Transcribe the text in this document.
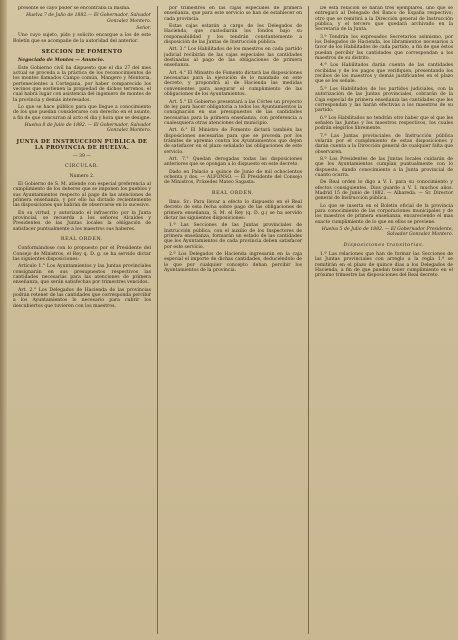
presente se cayo poder se encontraba la misma.

Huelva 7 de Julio de 1882.— El Gobernador, Salvador Gonzalez Montero.

Señor.

Uno cuyo sujeto, pido y solicito encargue a los de este Boletín que se acompañe de la autoridad del anterior.

SECCION DE FOMENTO

Negociado de Montes — Anuncio.

Este Gobierno civil ha dispuesto que el dia 27 del mes actual se proceda a la práctica de los reconocimientos de los montes llamados Campo común, Mangero y Montoria, pertenecientes a Cortegana, por haber comparecido los vecinos que sostienen la propiedad de dichos terrenos, el cual habrá lugar con asistencia del ingeniero de montes de la provincia y demás interesados.

Lo que se hace público para que llegue a conocimiento de los que puedan considerarse con derecho en el asunto, a fin de que concurran al acto el dia y hora que se designe.

Huelva 8 de Julio de 1882. — El Gobernador, Salvador Gonzalez Montero.

JUNTA DE INSTRUCCION PUBLICA DE LA PROVINCIA DE HUELVA.
— 39 —
CIRCULAR.
Numero 2.

El Gobierno de S. M. atiende con especial preferencia al cumplimiento de los deberes que se imponen los pueblos y sus Ayuntamientos respecto al pago de las atenciones de primera enseñanza, y por ello ha dictado recientemente las disposiciones que habrán de observarse en lo sucesivo.

En su virtud, y autorizado el infrascrito por la Junta provincial, se recuerda a los señores Alcaldes y Presidentes de las Juntas locales la obligación de satisfacer puntualmente a los maestros sus haberes.

REAL ORDEN.

Conformándose con lo propuesto por el Presidente del Consejo de Ministros, el Rey q. D. g. se ha servido dictar las siguientes disposiciones:

Artículo 1.° Los Ayuntamientos y las Juntas provinciales consignarán en sus presupuestos respectivos las cantidades necesarias para las atenciones de primera enseñanza, que serán satisfechas por trimestres vencidos.

Art. 2.° Los Delegados de Hacienda de las provincias podrán retener de las cantidades que corresponda percibir a los Ayuntamientos lo necesario para cubrir los descubiertos que tuvieren con los maestros.

por trimestres en las cajas especiales de primera enseñanza, que para este servicio se han de establecer en cada provincia.

Estas cajas estarán a cargo de los Delegados de Hacienda, que custodiarán los fondos bajo su responsabilidad y los tendrán constantemente a disposición de las Juntas de Instrucción pública.

Art. 3.° Los Habilitados de los maestros en cada partido judicial recibirán de las cajas especiales las cantidades destinadas al pago de las obligaciones de primera enseñanza.

Art. 4.° El Ministro de Fomento dictará las disposiciones necesarias para la ejecución de lo mandado en este decreto, y propondrá al de Hacienda las medidas convenientes para asegurar el cumplimiento de las obligaciones de los Ayuntamientos.

Art. 5.° El Gobierno presentará a las Córtes un proyecto de ley para hacer obligatoria a todos los Ayuntamientos la consignación en sus presupuestos de las cantidades necesarias para la primera enseñanza, con preferencia a cualesquiera otras atenciones del municipio.

Art. 6.° El Ministro de Fomento dictará también las disposiciones necesarias para que se proceda por los trámites de apremio contra los Ayuntamientos que dejen de satisfacer en el plazo señalado las obligaciones de este servicio.

Art. 7.° Quedan derogadas todas las disposiciones anteriores que se opongan a lo dispuesto en este decreto.

Dado en Palacio a quince de Junio de mil ochocientos ochenta y dos. — ALFONSO. — El Presidente del Consejo de Ministros, Práxedes Mateo Sagasta.

REAL ORDEN.

Ilmo. Sr.: Para llevar a efecto lo dispuesto en el Real decreto de esta fecha sobre pago de las obligaciones de primera enseñanza, S. M. el Rey (q. D. g.) se ha servido dictar las siguientes disposiciones:

1.ª Las Secciones de las Juntas provinciales de Instrucción pública, con el auxilio de los Inspectores de primera enseñanza, formarán un estado de las cantidades que los Ayuntamientos de cada provincia deben satisfacer por este servicio.

2.ª Los Delegados de Hacienda ingresarán en la caja especial el importe de dichas cantidades, deduciéndolo de lo que por cualquier concepto deban percibir los Ayuntamientos de la provincia.

De esta relación se harán tres ejemplares, uno que se entregará al Delegado del Banco de España respectivo; otro que se remitirá a la Dirección general de Instrucción pública, y el tercero que quedará archivado en la Secretaría de la Junta.

3.ª Tendrán los expresados Secretarios asimismo, por los Delegados de Hacienda, los libramientos necesarios a favor de los Habilitados de cada partido, a fin de que éstos puedan percibir las cantidades que correspondan a los maestros de su distrito.

4.ª Los Habilitados darán cuenta de las cantidades recibidas y de los pagos que verifiquen, presentando los recibos de los maestros y demás justificantes en el plazo que se les señale.

5.ª Los Habilitados de los partidos judiciales, con la autorización de las Juntas provinciales, cobrarán de la Caja especial de primera enseñanza las cantidades que les correspondan y las harán efectivas a los maestros de su partido.

6.ª Los Habilitados no tendrán otro haber que el que les señalen las Juntas y los maestros respectivos, los cuales podrán elegirlos libremente.

7.ª Las Juntas provinciales de Instrucción pública velarán por el cumplimiento de estas disposiciones y darán cuenta a la Dirección general de cualquier falta que observaren.

8.ª Los Presidentes de las Juntas locales cuidarán de que los Ayuntamientos cumplan puntualmente con lo dispuesto, dando conocimiento a la Junta provincial de cuanto ocurra.

De Real orden lo digo a V. I. para su conocimiento y efectos consiguientes. Dios guarde a V. I. muchos años. Madrid 15 de Junio de 1882. — Albareda. — Sr. Director general de Instrucción pública.

Lo que se inserta en el Boletín oficial de la provincia para conocimiento de las corporaciones municipales y de los maestros de primera enseñanza, encareciendo el mas exacto cumplimiento de lo que en ellos se previene.

Huelva 5 de Julio de 1882. — El Gobernador Presidente, Salvador Gonzalez Montero.

Disposiciones transitorias.

1.ª Las relaciones que han de formar las Secciones de las Juntas provinciales con arreglo a la regla 1.ª se remitirán en el plazo de quince días a los Delegados de Hacienda, a fin de que puedan tener cumplimiento en el próximo trimestre las disposiciones del Real decreto.
